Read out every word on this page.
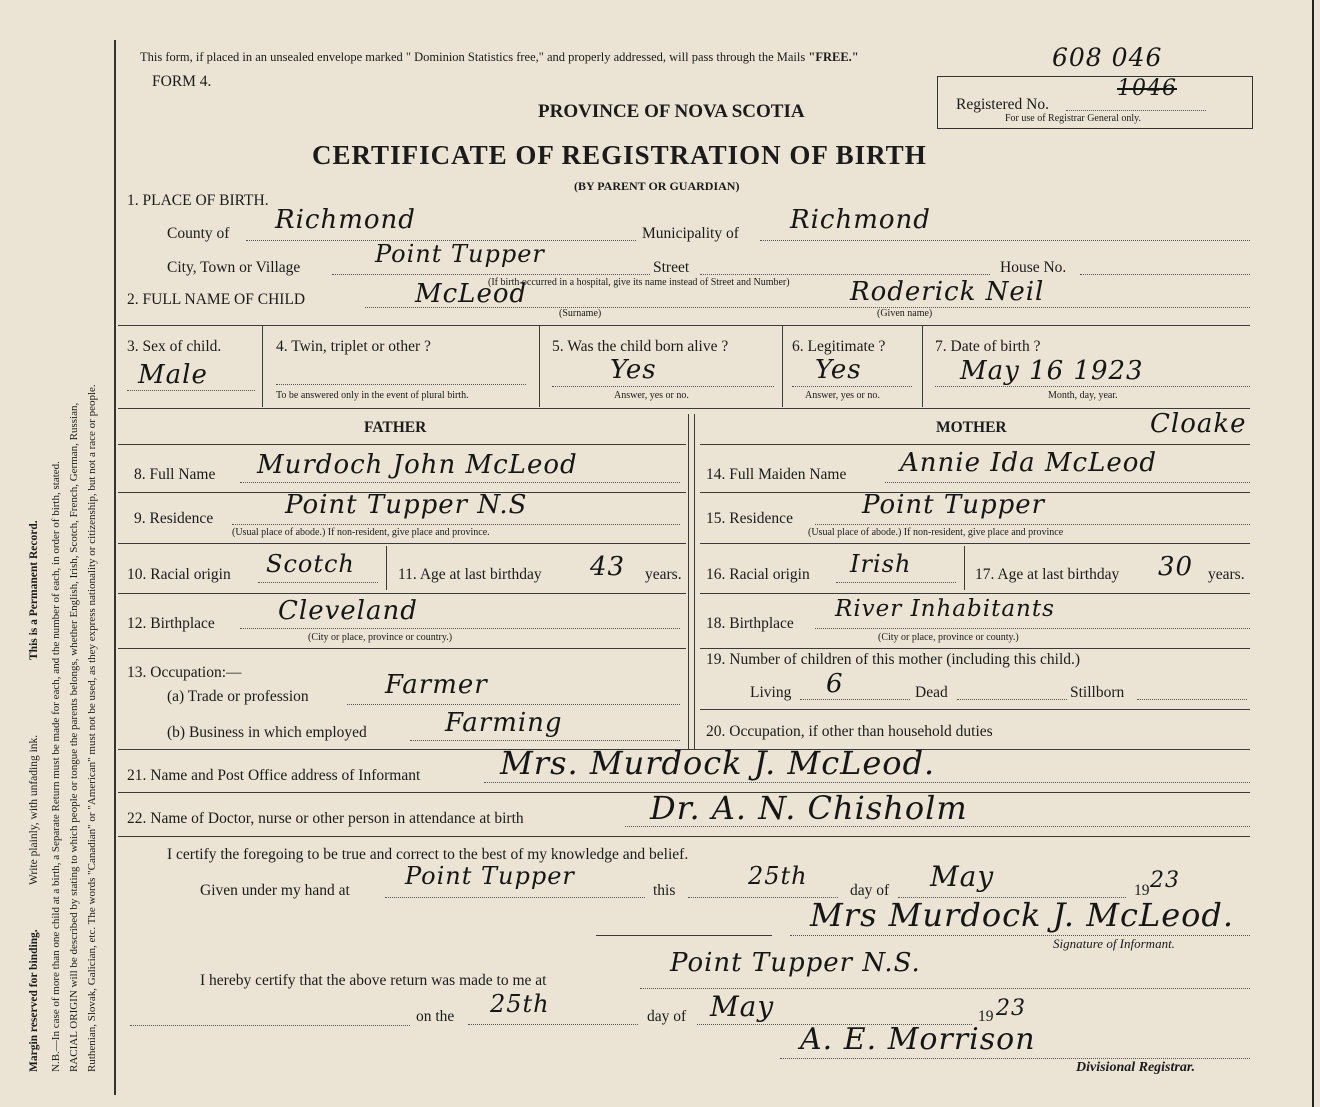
Margin reserved for binding.
Write plainly, with unfading ink.
This is a Permanent Record. N.B.—In case of more than one child at a birth, a Separate Return must be made for each, and the number of each, in order of birth, stated. RACIAL ORIGIN will be described by stating to which people or tongue the parents belongs, whether English, Irish, Scotch, French, German, Russian, Ruthenian, Slovak, Galician, etc. The words "Canadian" or "American" must not be used, as they express nationality or citizenship, but not a race or people.
This form, if placed in an unsealed envelope marked " Dominion Statistics free," and properly addressed, will pass through the Mails "FREE."
FORM 4.
608 046
Registered No.
1046
For use of Registrar General only.
PROVINCE OF NOVA SCOTIA
CERTIFICATE OF REGISTRATION OF BIRTH
(BY PARENT OR GUARDIAN)
1. PLACE OF BIRTH.
County of Richmond	Municipality of Richmond
City, Town or Village	Point Tupper	Street	House No.
2. FULL NAME OF CHILD
(If birth occurred in a hospital, give its name instead of Street and Number)
McLeod
(Surname)
Roderick Neil
(Given name)
3. Sex of child.
Male
4. Twin, triplet or other ?
To be answered only in the event of plural birth.
5. Was the child born alive ?
Yes
Answer, yes or no.
6. Legitimate ?
Yes
Answer, yes or no.
7. Date of birth ?
May 16 1923
Month, day, year.
FATHER	MOTHER	Cloake
8. Full Name Murdoch John McLeod
9. Residence	Point Tupper N.S
(Usual place of abode.) If non-resident, give place and province.
10. Racial origin Scotch	11. Age at last birthday 43 years.
12. Birthplace Cleveland
(City or place, province or country.)
13. Occupation:—
(a) Trade or profession	Farmer
(b) Business in which employed	Farming
14. Full Maiden Name Annie Ida McLeod
15. Residence	Point Tupper
(Usual place of abode.) If non-resident, give place and province
16. Racial origin Irish	17. Age at last birthday 30 years.
18. Birthplace
River Inhabitants
(City or place, province or county.)
19. Number of children of this mother (including this child.)
Living 6	Dead	Stillborn
20. Occupation, if other than household duties
21. Name and Post Office address of Informant Mrs. Murdock J. McLeod.
22. Name of Doctor, nurse or other person in attendance at birth	Dr. A. N. Chisholm
I certify the foregoing to be true and correct to the best of my knowledge and belief.
Given under my hand at
Point Tupper
this
25th
day of May	19 23
Mrs Murdock J. McLeod.
Signature of Informant.
I hereby certify that the above return was made to me at
Point Tupper N.S.
on the 25th	day of May	19 23
A. E. Morrison
Divisional Registrar.
